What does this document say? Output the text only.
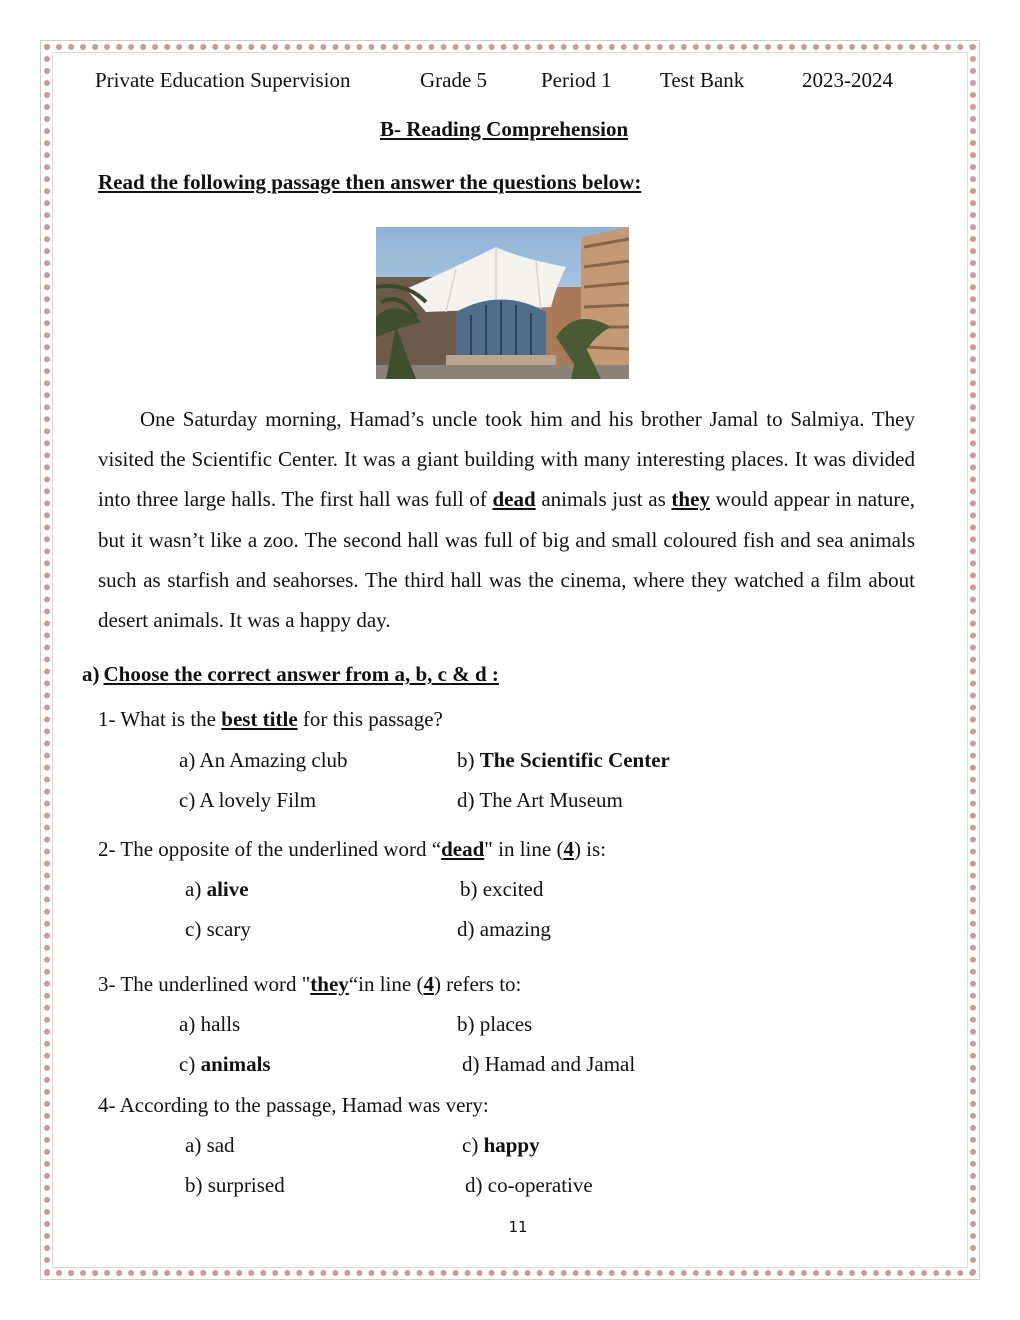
Private Education Supervision	Grade 5	Period 1 Test Bank	2023-2024
B- Reading Comprehension
Read the following passage then answer the questions below:

One Saturday morning, Hamad’s uncle took him and his brother Jamal to Salmiya. They visited the Scientific Center. It was a giant building with many interesting places. It was divided into three large halls. The first hall was full of dead animals just as they would appear in nature, but it wasn’t like a zoo. The second hall was full of big and small coloured fish and sea animals such as starfish and seahorses. The third hall was the cinema, where they watched a film about desert animals. It was a happy day.

a) Choose the correct answer from a, b, c & d :
1- What is the best title for this passage?
a) An Amazing club	b) The Scientific Center
c) A lovely Film	d) The Art Museum
2- The opposite of the underlined word “dead" in line (4) is:
a) alive	b) excited
c) scary	d) amazing
3- The underlined word "they“in line (4) refers to:
a) halls	b) places
c) animals	d) Hamad and Jamal
4- According to the passage, Hamad was very:
a) sad	c) happy
b) surprised	d) co-operative
11
